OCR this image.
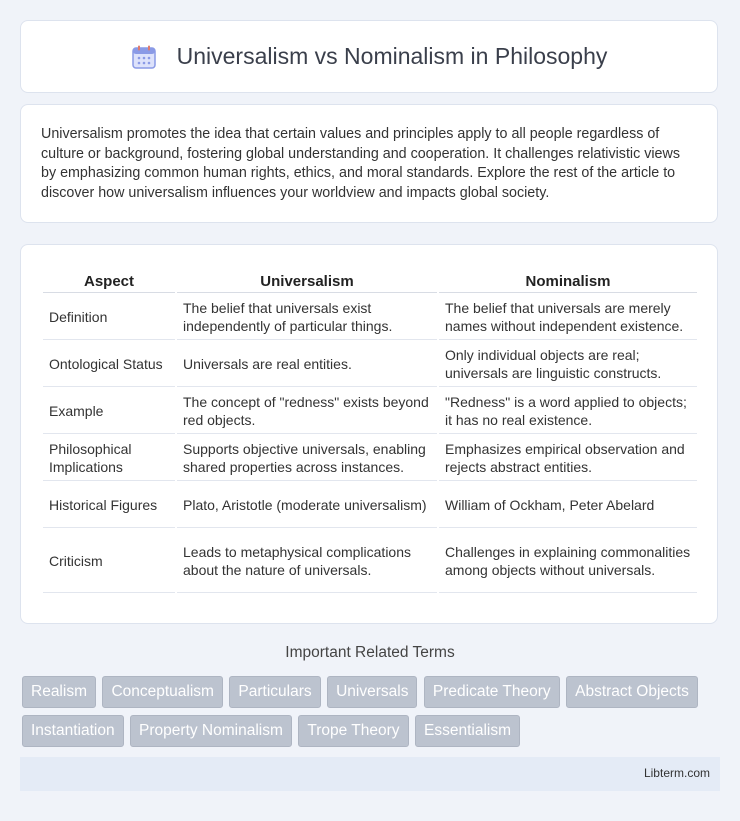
Universalism vs Nominalism in Philosophy

Universalism promotes the idea that certain values and principles apply to all people regardless of culture or background, fostering global understanding and cooperation. It challenges relativistic views by emphasizing common human rights, ethics, and moral standards. Explore the rest of the article to discover how universalism influences your worldview and impacts global society.

Aspect	Universalism	Nominalism
Definition	The belief that universals exist independently of particular things.	The belief that universals are merely names without independent existence.
Ontological Status	Universals are real entities.	Only individual objects are real; universals are linguistic constructs.
Example	The concept of "redness" exists beyond red objects.	"Redness" is a word applied to objects; it has no real existence.
Philosophical Implications	Supports objective universals, enabling shared properties across instances.	Emphasizes empirical observation and rejects abstract entities.
Historical Figures	Plato, Aristotle (moderate universalism)	William of Ockham, Peter Abelard
Criticism	Leads to metaphysical complications about the nature of universals.	Challenges in explaining commonalities among objects without universals.
Important Related Terms
Realism Conceptualism Particulars Universals Predicate Theory Abstract Objects Instantiation Property Nominalism Trope Theory Essentialism
Libterm.com
